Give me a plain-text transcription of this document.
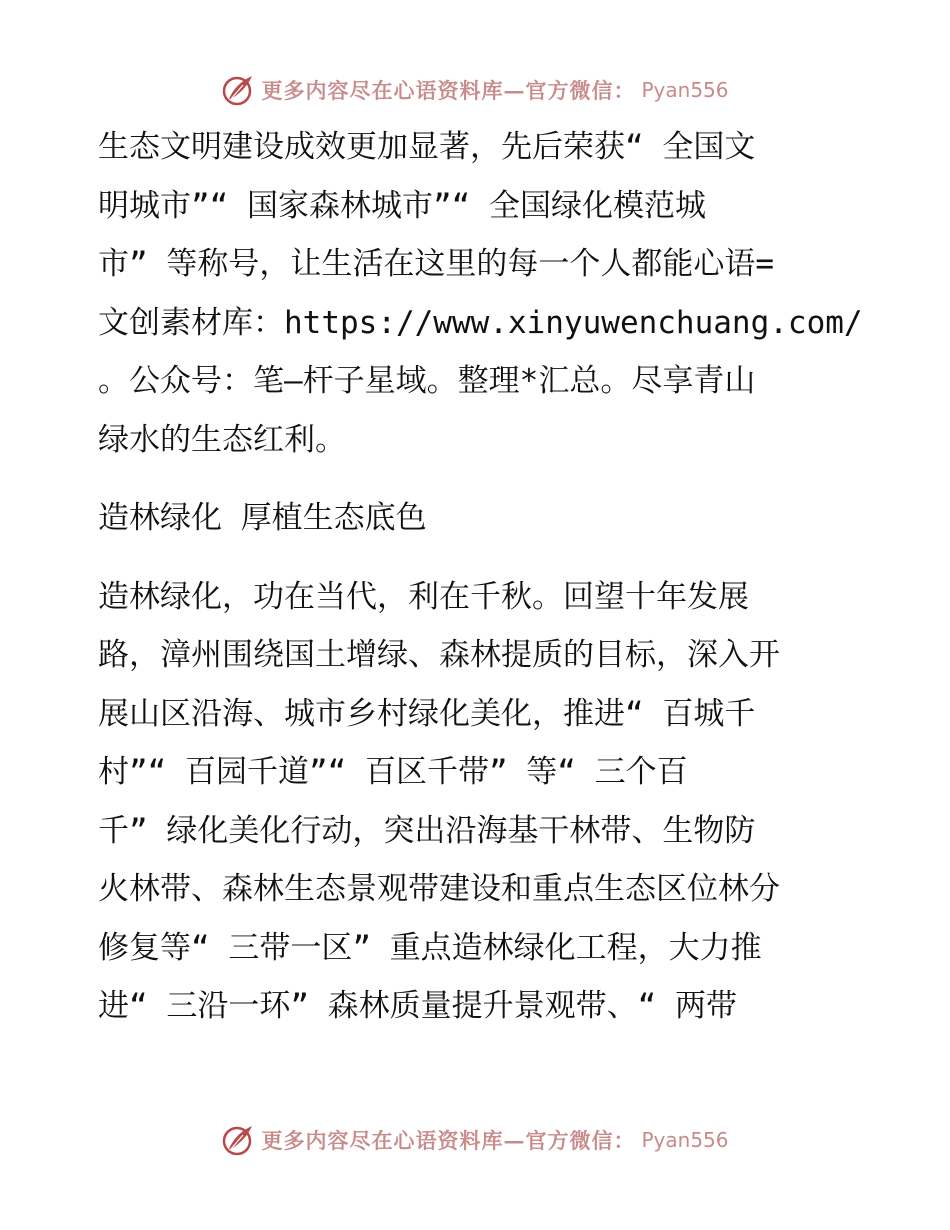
更多内容尽在心语资料库—官方微信： Pyan556

生态文明建设成效更加显著，先后荣获“ 全国文
明城市”“ 国家森林城市”“ 全国绿化模范城
市” 等称号，让生活在这里的每一个人都能心语=
文创素材库：https://www.xinyuwenchuang.com/
。公众号：笔—杆子星域。整理*汇总。尽享青山
绿水的生态红利。

造林绿化 厚植生态底色

造林绿化，功在当代，利在千秋。回望十年发展
路，漳州围绕国土增绿、森林提质的目标，深入开
展山区沿海、城市乡村绿化美化，推进“ 百城千
村”“ 百园千道”“ 百区千带” 等“ 三个百
千” 绿化美化行动，突出沿海基干林带、生物防
火林带、森林生态景观带建设和重点生态区位林分
修复等“ 三带一区” 重点造林绿化工程，大力推
进“ 三沿一环” 森林质量提升景观带、“ 两带

更多内容尽在心语资料库—官方微信： Pyan556
